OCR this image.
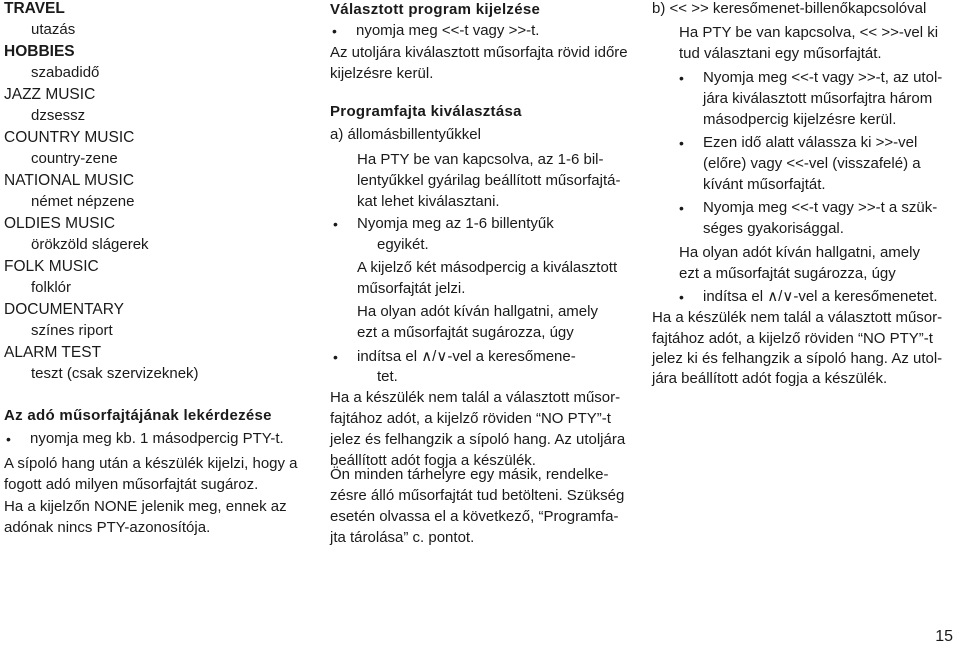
TRAVEL
utazás
HOBBIES
szabadidő
JAZZ MUSIC
dzsessz
COUNTRY MUSIC
country-zene
NATIONAL MUSIC
német népzene
OLDIES MUSIC
örökzöld slágerek
FOLK MUSIC
folklór
DOCUMENTARY
színes riport
ALARM TEST
teszt (csak szervizeknek)
Az adó műsorfajtájának lekérdezése
• nyomja meg kb. 1 másodpercig PTY-t.
A sípoló hang után a készülék kijelzi, hogy a
fogott adó milyen műsorfajtát sugároz.
Ha a kijelzőn NONE jelenik meg, ennek az
adónak nincs PTY-azonosítója.
Választott program kijelzése
• nyomja meg <<-t vagy >>-t.
Az utoljára kiválasztott műsorfajta rövid időre
kijelzésre kerül.
Programfajta kiválasztása
a) állomásbillentyűkkel
Ha PTY be van kapcsolva, az 1-6 bil-
lentyűkkel gyárilag beállított műsorfajtá-
kat lehet kiválasztani.
• Nyomja meg az 1-6 billentyűk
egyikét.
A kijelző két másodpercig a kiválasztott
műsorfajtát jelzi.
Ha olyan adót kíván hallgatni, amely
ezt a műsorfajtát sugározza, úgy
• indítsa el ∧/∨-vel a keresőmene-
tet.
Ha a készülék nem talál a választott műsor-
fajtához adót, a kijelző röviden “NO PTY”-t
jelez és felhangzik a sípoló hang. Az utoljára
beállított adót fogja a készülék.
Ön minden tárhelyre egy másik, rendelke-
zésre álló műsorfajtát tud betölteni. Szükség
esetén olvassa el a következő, “Programfa-
jta tárolása” c. pontot.
b) << >> keresőmenet-billenőkapcsolóval
Ha PTY be van kapcsolva, << >>-vel ki
tud választani egy műsorfajtát.
• Nyomja meg <<-t vagy >>-t, az utol-
jára kiválasztott műsorfajtra három
másodpercig kijelzésre kerül.
• Ezen idő alatt válassza ki >>-vel
(előre) vagy <<-vel (visszafelé) a
kívánt műsorfajtát.
• Nyomja meg <<-t vagy >>-t a szük-
séges gyakorisággal.
Ha olyan adót kíván hallgatni, amely
ezt a műsorfajtát sugározza, úgy
• indítsa el ∧/∨-vel a keresőmenetet.
Ha a készülék nem talál a választott műsor-
fajtához adót, a kijelző röviden “NO PTY”-t
jelez ki és felhangzik a sípoló hang. Az utol-
jára beállított adót fogja a készülék.
15
